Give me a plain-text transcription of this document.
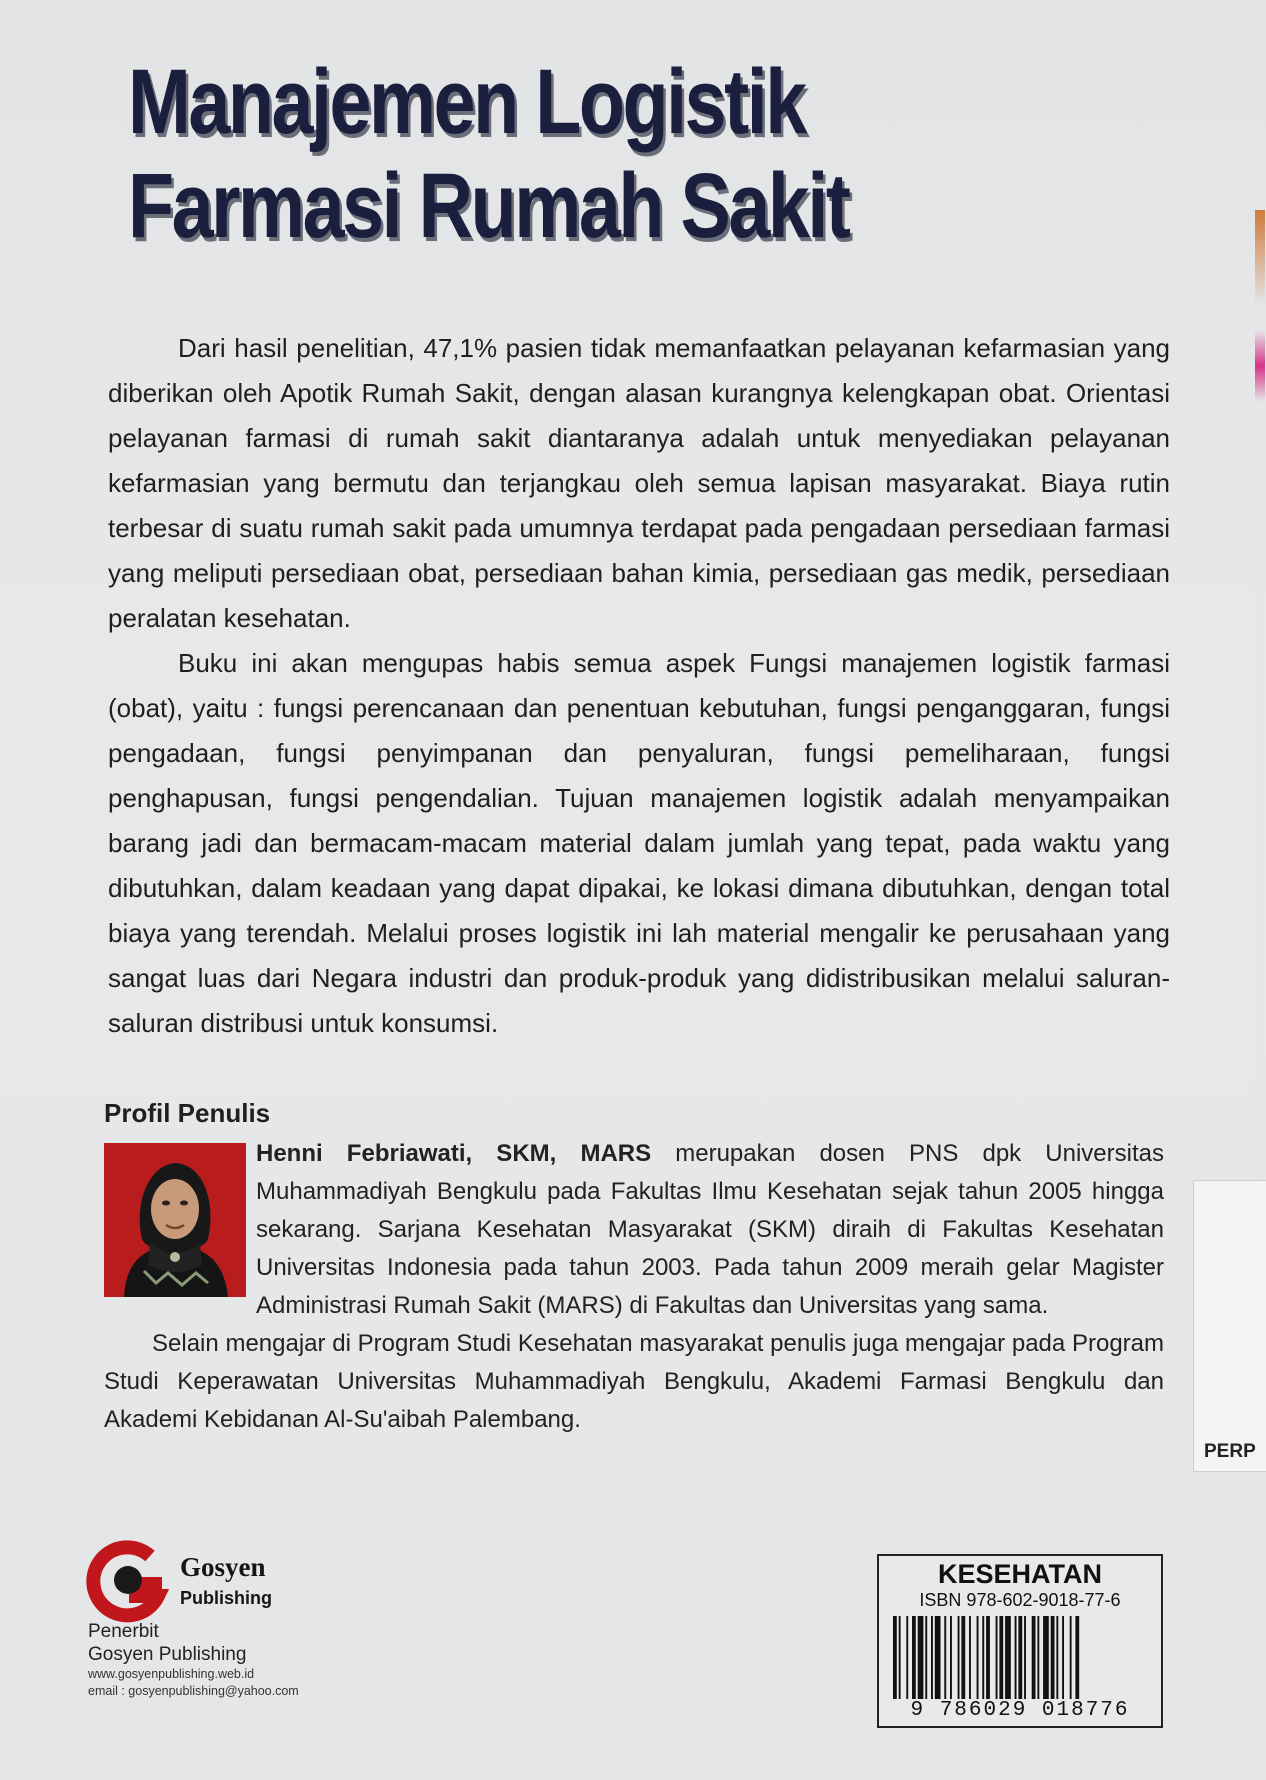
Manajemen Logistik
Farmasi Rumah Sakit

Dari hasil penelitian, 47,1% pasien tidak memanfaatkan pelayanan kefarmasian yang diberikan oleh Apotik Rumah Sakit, dengan alasan kurangnya kelengkapan obat. Orientasi pelayanan farmasi di rumah sakit diantaranya adalah untuk menyediakan pelayanan kefarmasian yang bermutu dan terjangkau oleh semua lapisan masyarakat. Biaya rutin terbesar di suatu rumah sakit pada umumnya terdapat pada pengadaan persediaan farmasi yang meliputi persediaan obat, persediaan bahan kimia, persediaan gas medik, persediaan peralatan kesehatan.

Buku ini akan mengupas habis semua aspek Fungsi manajemen logistik farmasi (obat), yaitu : fungsi perencanaan dan penentuan kebutuhan, fungsi penganggaran, fungsi pengadaan, fungsi penyimpanan dan penyaluran, fungsi pemeliharaan, fungsi penghapusan, fungsi pengendalian. Tujuan manajemen logistik adalah menyampaikan barang jadi dan bermacam-macam material dalam jumlah yang tepat, pada waktu yang dibutuhkan, dalam keadaan yang dapat dipakai, ke lokasi dimana dibutuhkan, dengan total biaya yang terendah. Melalui proses logistik ini lah material mengalir ke perusahaan yang sangat luas dari Negara industri dan produk-produk yang didistribusikan melalui saluran-saluran distribusi untuk konsumsi.

Profil Penulis

Henni Febriawati, SKM, MARS merupakan dosen PNS dpk Universitas Muhammadiyah Bengkulu pada Fakultas Ilmu Kesehatan sejak tahun 2005 hingga sekarang. Sarjana Kesehatan Masyarakat (SKM) diraih di Fakultas Kesehatan Universitas Indonesia pada tahun 2003. Pada tahun 2009 meraih gelar Magister Administrasi Rumah Sakit (MARS) di Fakultas dan Universitas yang sama.

Selain mengajar di Program Studi Kesehatan masyarakat penulis juga mengajar pada Program Studi Keperawatan Universitas Muhammadiyah Bengkulu, Akademi Farmasi Bengkulu dan Akademi Kebidanan Al-Su'aibah Palembang.

PERP
Gosyen
Publishing
Penerbit
Gosyen Publishing
www.gosyenpublishing.web.id
email : gosyenpublishing@yahoo.com
KESEHATAN
ISBN 978-602-9018-77-6
9 786029 018776
